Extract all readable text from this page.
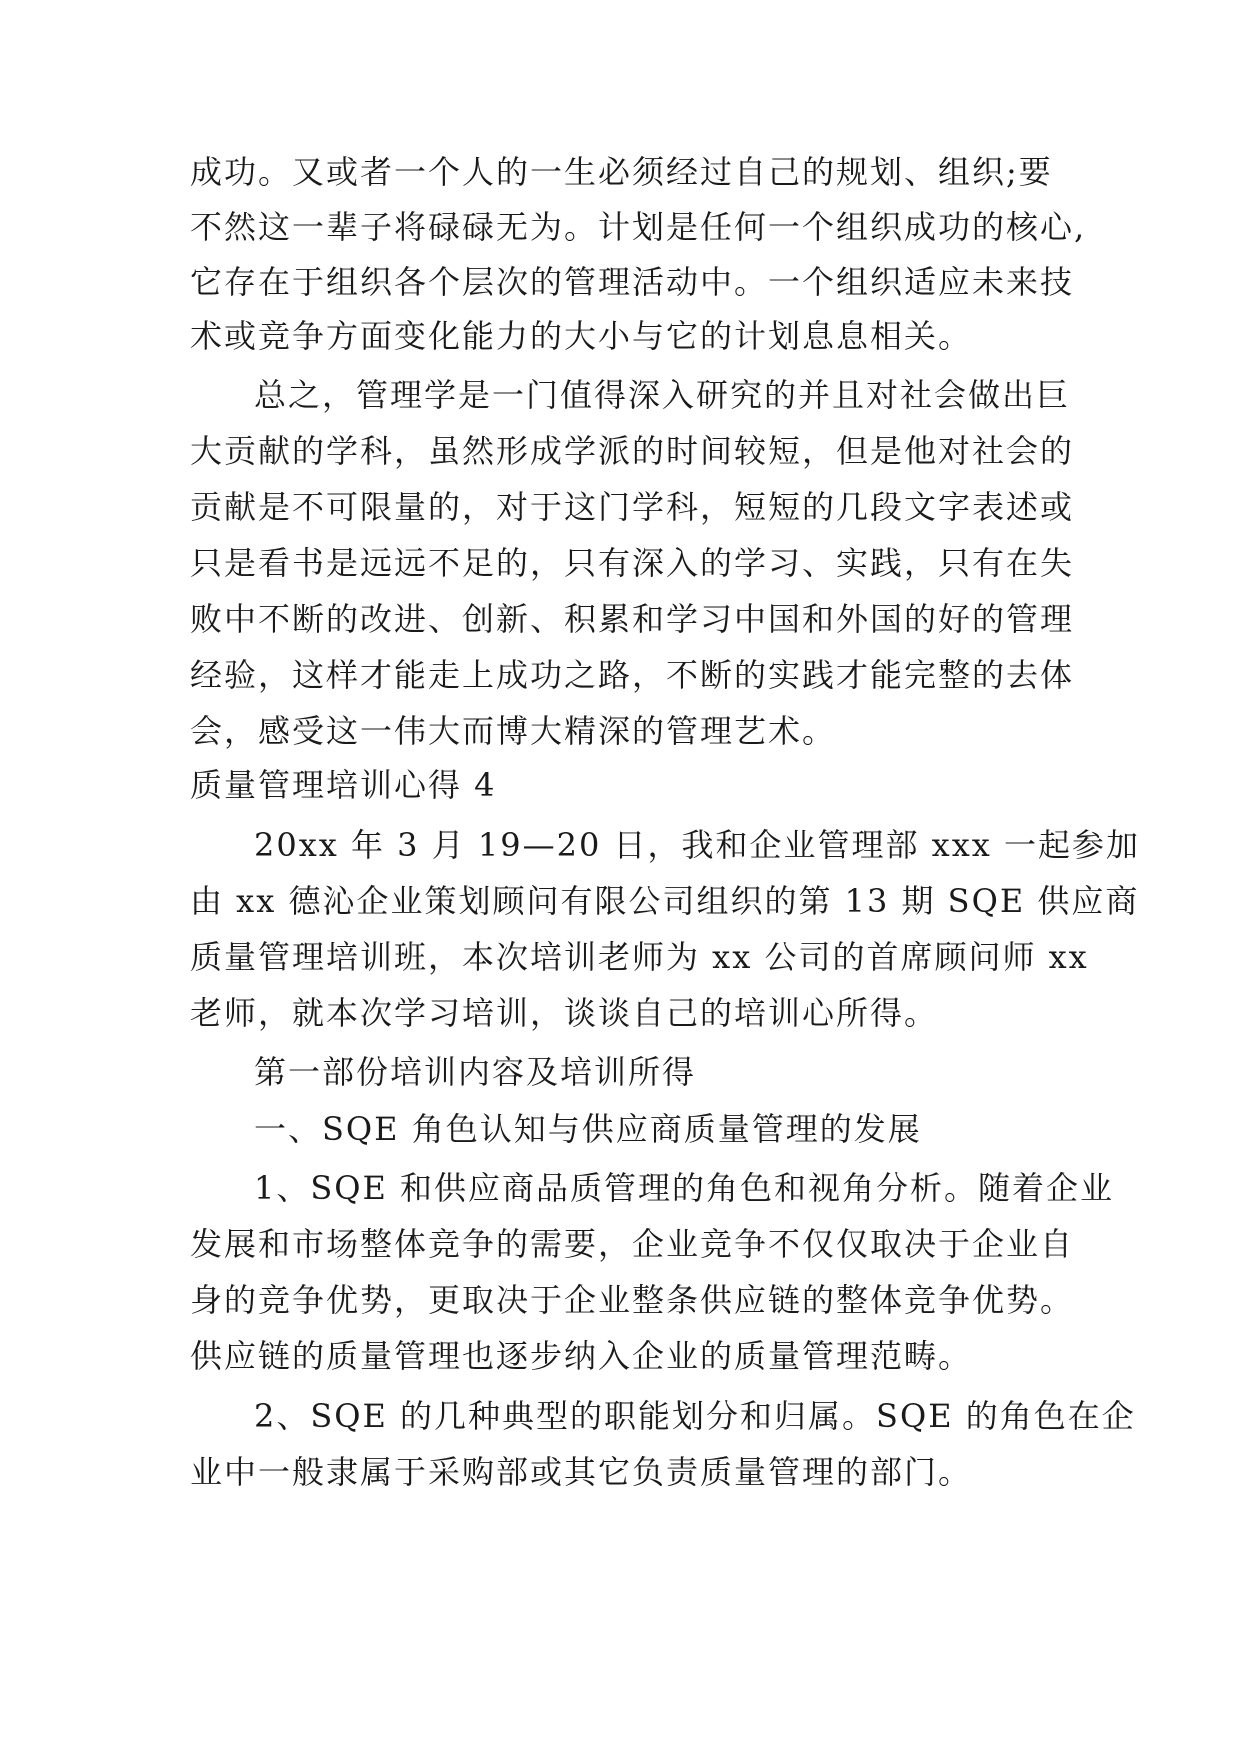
成功。又或者一个人的一生必须经过自己的规划、组织;要
不然这一辈子将碌碌无为。计划是任何一个组织成功的核心,
它存在于组织各个层次的管理活动中。一个组织适应未来技
术或竞争方面变化能力的大小与它的计划息息相关。
总之，管理学是一门值得深入研究的并且对社会做出巨
大贡献的学科，虽然形成学派的时间较短，但是他对社会的
贡献是不可限量的，对于这门学科，短短的几段文字表述或
只是看书是远远不足的，只有深入的学习、实践，只有在失
败中不断的改进、创新、积累和学习中国和外国的好的管理
经验，这样才能走上成功之路，不断的实践才能完整的去体
会，感受这一伟大而博大精深的管理艺术。
质量管理培训心得 4
20xx 年 3 月 19—20 日，我和企业管理部 xxx 一起参加
由 xx 德沁企业策划顾问有限公司组织的第 13 期 SQE 供应商
质量管理培训班，本次培训老师为 xx 公司的首席顾问师 xx
老师，就本次学习培训，谈谈自己的培训心所得。
第一部份培训内容及培训所得
一、SQE 角色认知与供应商质量管理的发展
1、SQE 和供应商品质管理的角色和视角分析。随着企业
发展和市场整体竞争的需要，企业竞争不仅仅取决于企业自
身的竞争优势，更取决于企业整条供应链的整体竞争优势。
供应链的质量管理也逐步纳入企业的质量管理范畴。
2、SQE 的几种典型的职能划分和归属。SQE 的角色在企
业中一般隶属于采购部或其它负责质量管理的部门。
